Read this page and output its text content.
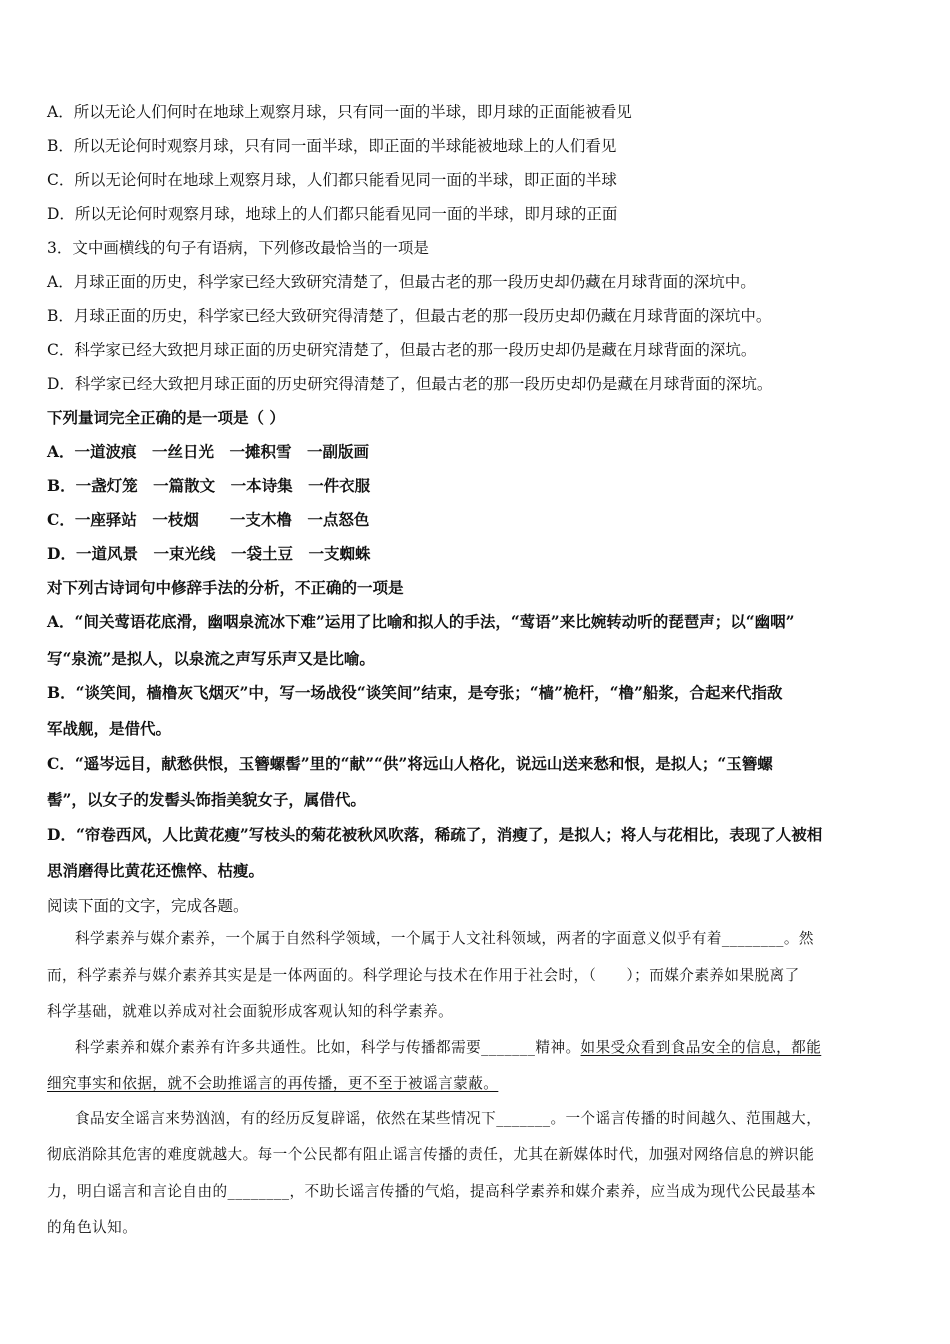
A．所以无论人们何时在地球上观察月球，只有同一面的半球，即月球的正面能被看见
B．所以无论何时观察月球，只有同一面半球，即正面的半球能被地球上的人们看见
C．所以无论何时在地球上观察月球，人们都只能看见同一面的半球，即正面的半球
D．所以无论何时观察月球，地球上的人们都只能看见同一面的半球，即月球的正面
3．文中画横线的句子有语病，下列修改最恰当的一项是
A．月球正面的历史，科学家已经大致研究清楚了，但最古老的那一段历史却仍藏在月球背面的深坑中。
B．月球正面的历史，科学家已经大致研究得清楚了，但最古老的那一段历史却仍藏在月球背面的深坑中。
C．科学家已经大致把月球正面的历史研究清楚了，但最古老的那一段历史却仍是藏在月球背面的深坑。
D．科学家已经大致把月球正面的历史研究得清楚了，但最古老的那一段历史却仍是藏在月球背面的深坑。
下列量词完全正确的是一项是（ ）
A．一道波痕　一丝日光　一摊积雪　一副版画
B．一盏灯笼　一篇散文　一本诗集　一件衣服
C．一座驿站　一枝烟　　一支木橹　一点怒色
D．一道风景　一束光线　一袋土豆　一支蜘蛛
对下列古诗词句中修辞手法的分析，不正确的一项是
A．“间关莺语花底滑，幽咽泉流冰下难”运用了比喻和拟人的手法，“莺语”来比婉转动听的琵琶声；以“幽咽”
写“泉流”是拟人，以泉流之声写乐声又是比喻。
B．“谈笑间，樯橹灰飞烟灭”中，写一场战役“谈笑间”结束，是夸张；“樯”桅杆，“橹”船浆，合起来代指敌
军战舰，是借代。
C．“遥岑远目，献愁供恨，玉簪螺髻”里的“献”“供”将远山人格化，说远山送来愁和恨，是拟人；“玉簪螺
髻”，以女子的发髻头饰指美貌女子，属借代。
D．“帘卷西风，人比黄花瘦”写枝头的菊花被秋风吹落，稀疏了，消瘦了，是拟人；将人与花相比，表现了人被相
思消磨得比黄花还憔悴、枯瘦。
阅读下面的文字，完成各题。
科学素养与媒介素养，一个属于自然科学领域，一个属于人文社科领域，两者的字面意义似乎有着________。然
而，科学素养与媒介素养其实是是一体两面的。科学理论与技术在作用于社会时，（　　）；而媒介素养如果脱离了
科学基础，就难以养成对社会面貌形成客观认知的科学素养。
科学素养和媒介素养有许多共通性。比如，科学与传播都需要_______精神。如果受众看到食品安全的信息，都能
细究事实和依据，就不会助推谣言的再传播，更不至于被谣言蒙蔽。
食品安全谣言来势汹汹，有的经历反复辟谣，依然在某些情况下_______。一个谣言传播的时间越久、范围越大，
彻底消除其危害的难度就越大。每一个公民都有阻止谣言传播的责任，尤其在新媒体时代，加强对网络信息的辨识能
力，明白谣言和言论自由的________，不助长谣言传播的气焰，提高科学素养和媒介素养，应当成为现代公民最基本
的角色认知。
